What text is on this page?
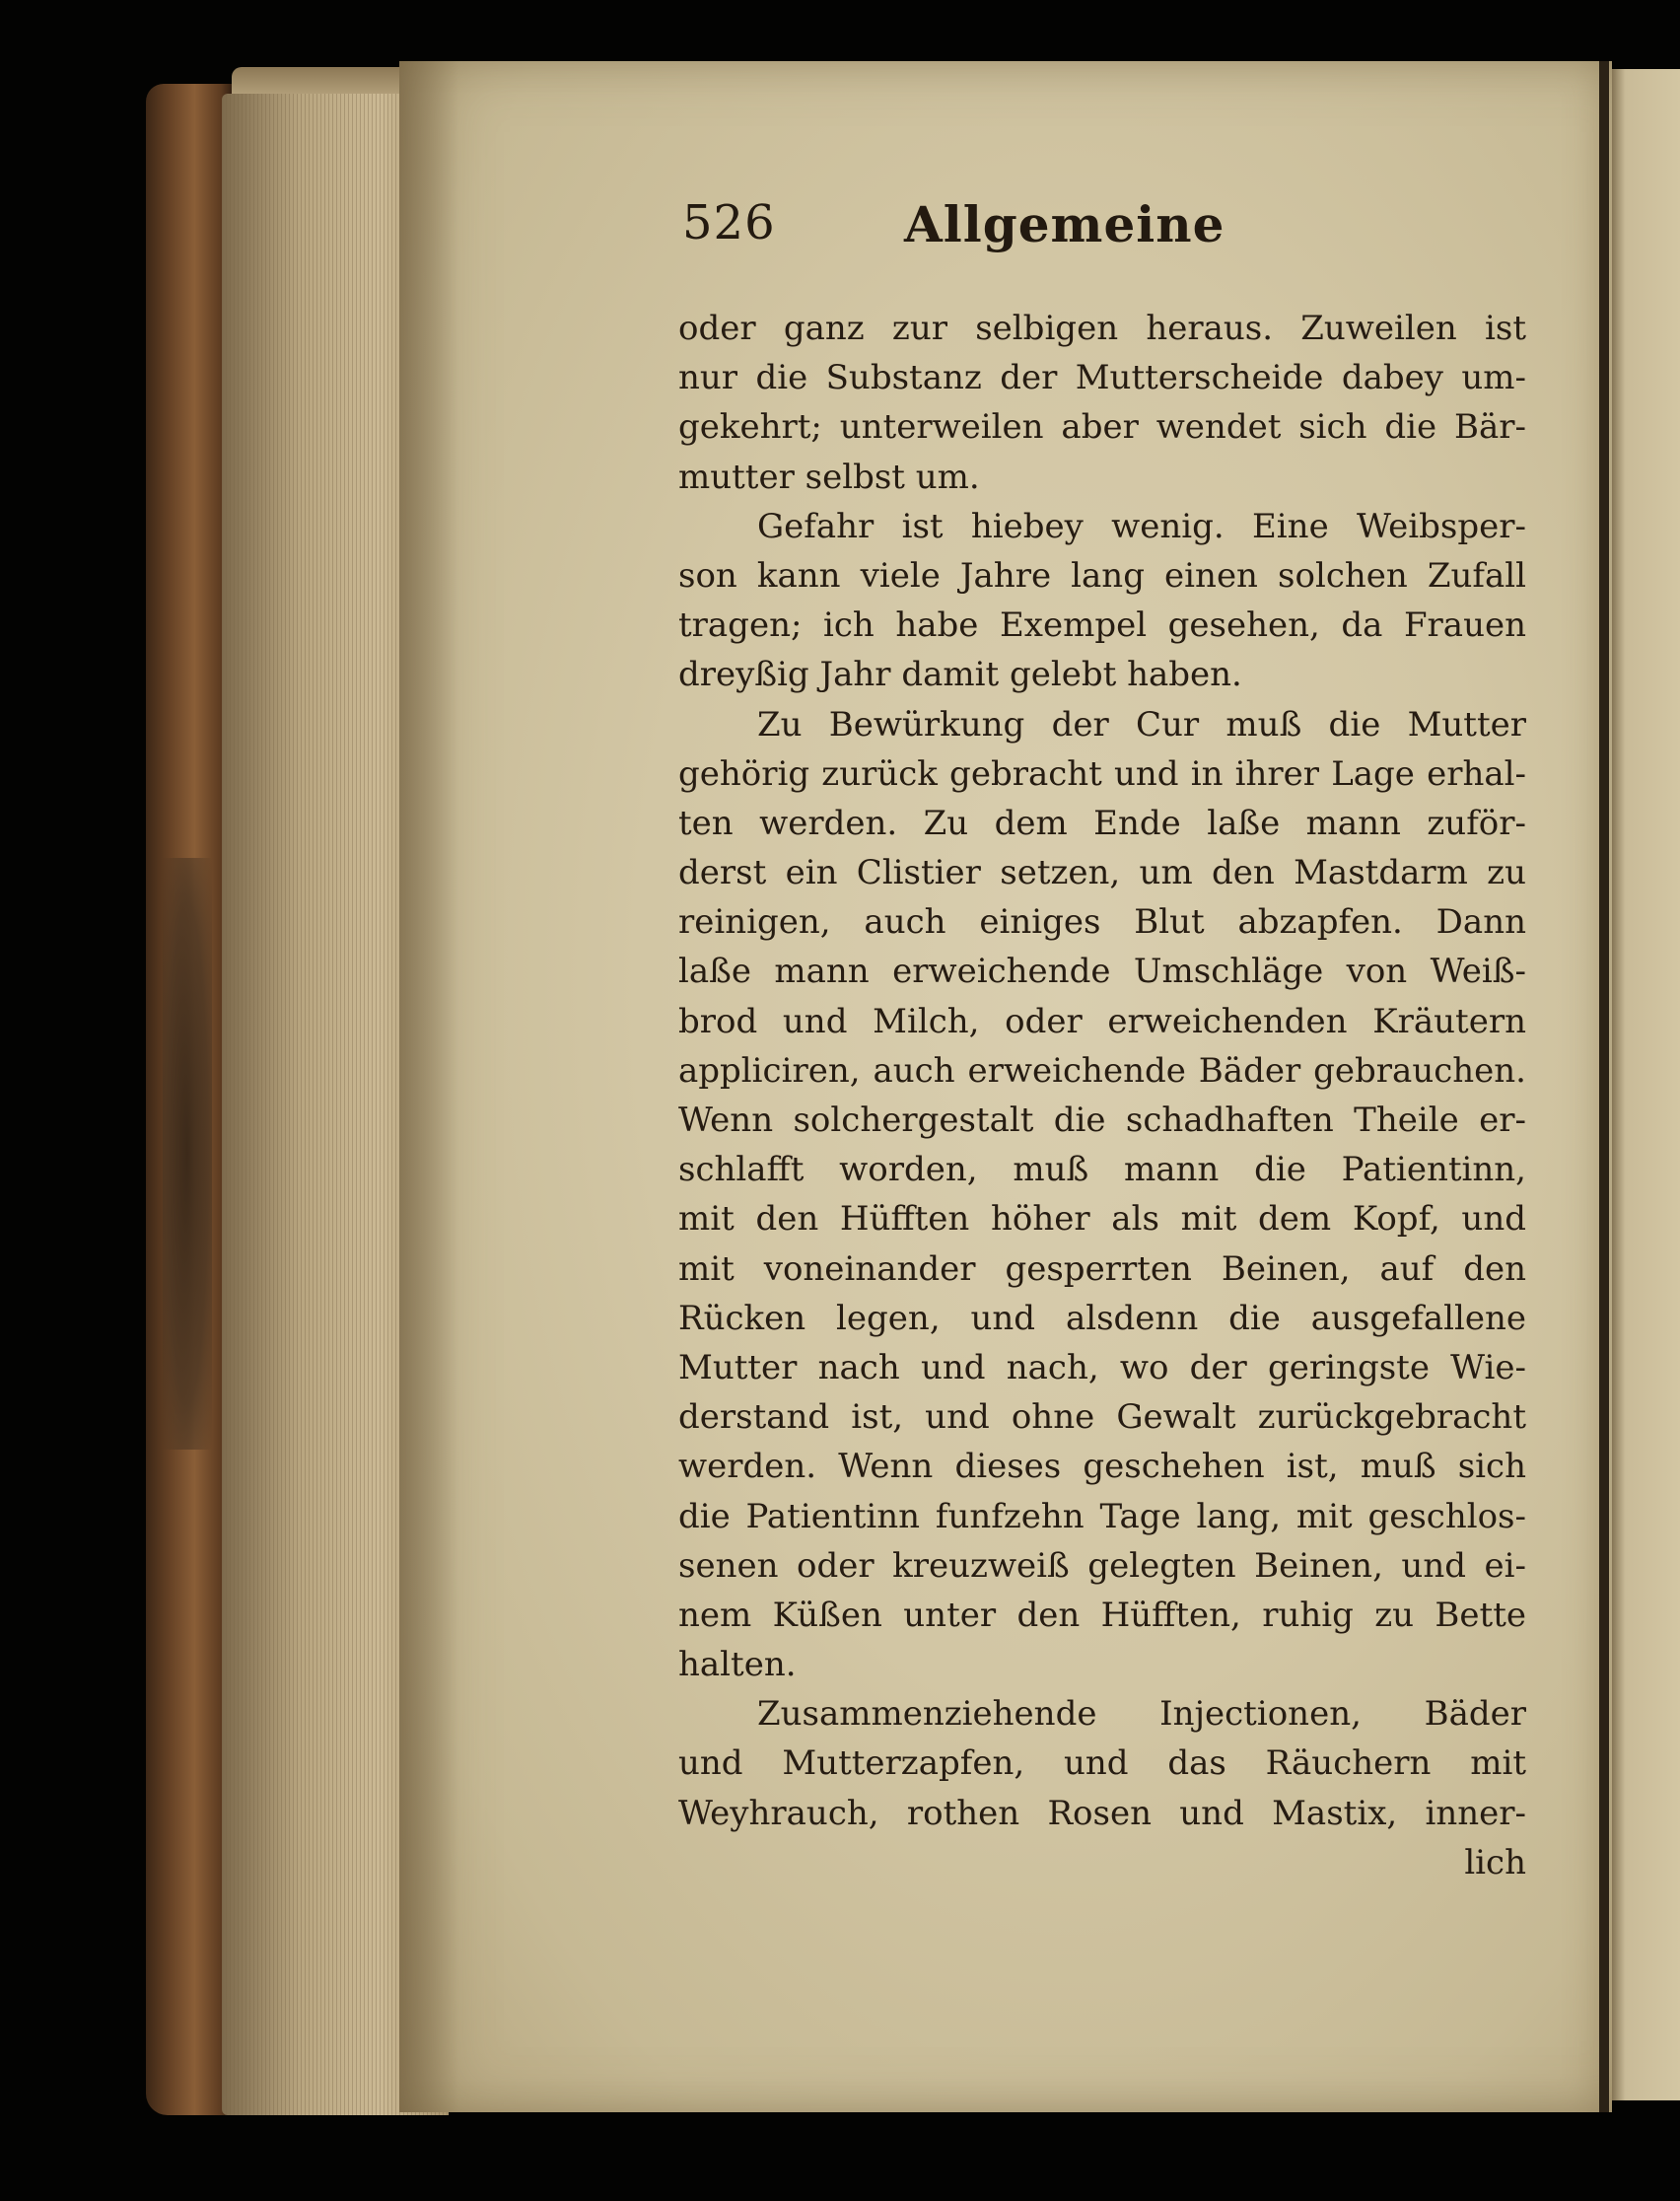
526	Allgemeine
oder ganz zur selbigen heraus. Zuweilen ist
nur die Substanz der Mutterscheide dabey um-
gekehrt; unterweilen aber wendet sich die Bär-
mutter selbst um.
Gefahr ist hiebey wenig. Eine Weibsper-
son kann viele Jahre lang einen solchen Zufall
tragen; ich habe Exempel gesehen, da Frauen
dreyßig Jahr damit gelebt haben.
Zu Bewürkung der Cur muß die Mutter
gehörig zurück gebracht und in ihrer Lage erhal-
ten werden. Zu dem Ende laße mann zuför-
derst ein Clistier setzen, um den Mastdarm zu
reinigen, auch einiges Blut abzapfen. Dann
laße mann erweichende Umschläge von Weiß-
brod und Milch, oder erweichenden Kräutern
appliciren, auch erweichende Bäder gebrauchen.
Wenn solchergestalt die schadhaften Theile er-
schlafft worden, muß mann die Patientinn,
mit den Hüfften höher als mit dem Kopf, und
mit voneinander gesperrten Beinen, auf den
Rücken legen, und alsdenn die ausgefallene
Mutter nach und nach, wo der geringste Wie-
derstand ist, und ohne Gewalt zurückgebracht
werden. Wenn dieses geschehen ist, muß sich
die Patientinn funfzehn Tage lang, mit geschlos-
senen oder kreuzweiß gelegten Beinen, und ei-
nem Küßen unter den Hüfften, ruhig zu Bette
halten.
Zusammenziehende Injectionen, Bäder
und Mutterzapfen, und das Räuchern mit
Weyhrauch, rothen Rosen und Mastix, inner-
lich
